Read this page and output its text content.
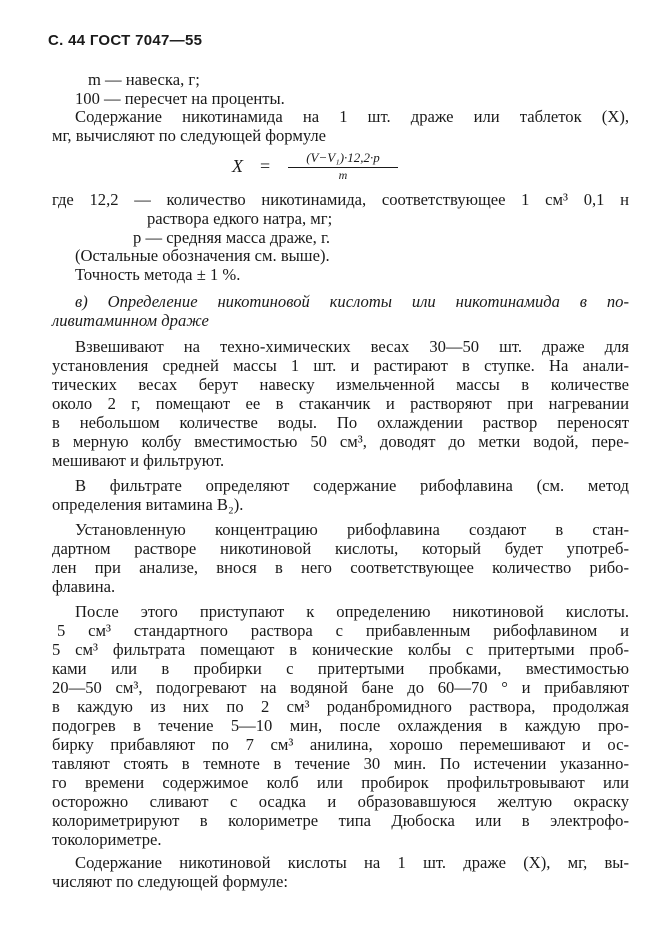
С. 44 ГОСТ 7047—55
m — навеска, г;
100 — пересчет на проценты.
Содержание никотинамида на 1 шт. драже или таблеток (X),
мг, вычисляют по следующей формуле
$X = \frac{\text{(V−V₁)·12,2·p}}{m}$
где 12,2 — количество никотинамида, соответствующее 1 см³ 0,1 н
раствора едкого натра, мг;
p — средняя масса драже, г.
(Остальные обозначения см. выше).
Точность метода ± 1 %.
в) Определение никотиновой кислоты или никотинамида в по-
ливитаминном драже
Взвешивают на техно-химических весах 30—50 шт. драже для
установления средней массы 1 шт. и растирают в ступке. На анали-
тических весах берут навеску измельченной массы в количестве
около 2 г, помещают ее в стаканчик и растворяют при нагревании
в небольшом количестве воды. По охлаждении раствор переносят
в мерную колбу вместимостью 50 см³, доводят до метки водой, пере-
мешивают и фильтруют.
В фильтрате определяют содержание рибофлавина (см. метод
определения витамина B₂).
Установленную концентрацию рибофлавина создают в стан-
дартном растворе никотиновой кислоты, который будет употреб-
лен при анализе, внося в него соответствующее количество рибо-
флавина.
После этого приступают к определению никотиновой кислоты.
5 см³ стандартного раствора с прибавленным рибофлавином и
5 см³ фильтрата помещают в конические колбы с притертыми проб-
ками или в пробирки с притертыми пробками, вместимостью
20—50 см³, подогревают на водяной бане до 60—70 ° и прибавляют
в каждую из них по 2 см³ роданбромидного раствора, продолжая
подогрев в течение 5—10 мин, после охлаждения в каждую про-
бирку прибавляют по 7 см³ анилина, хорошо перемешивают и ос-
тавляют стоять в темноте в течение 30 мин. По истечении указанно-
го времени содержимое колб или пробирок профильтровывают или
осторожно сливают с осадка и образовавшуюся желтую окраску
колориметрируют в колориметре типа Дюбоска или в электрофо-
токолориметре.
Содержание никотиновой кислоты на 1 шт. драже (X), мг, вы-
числяют по следующей формуле:
